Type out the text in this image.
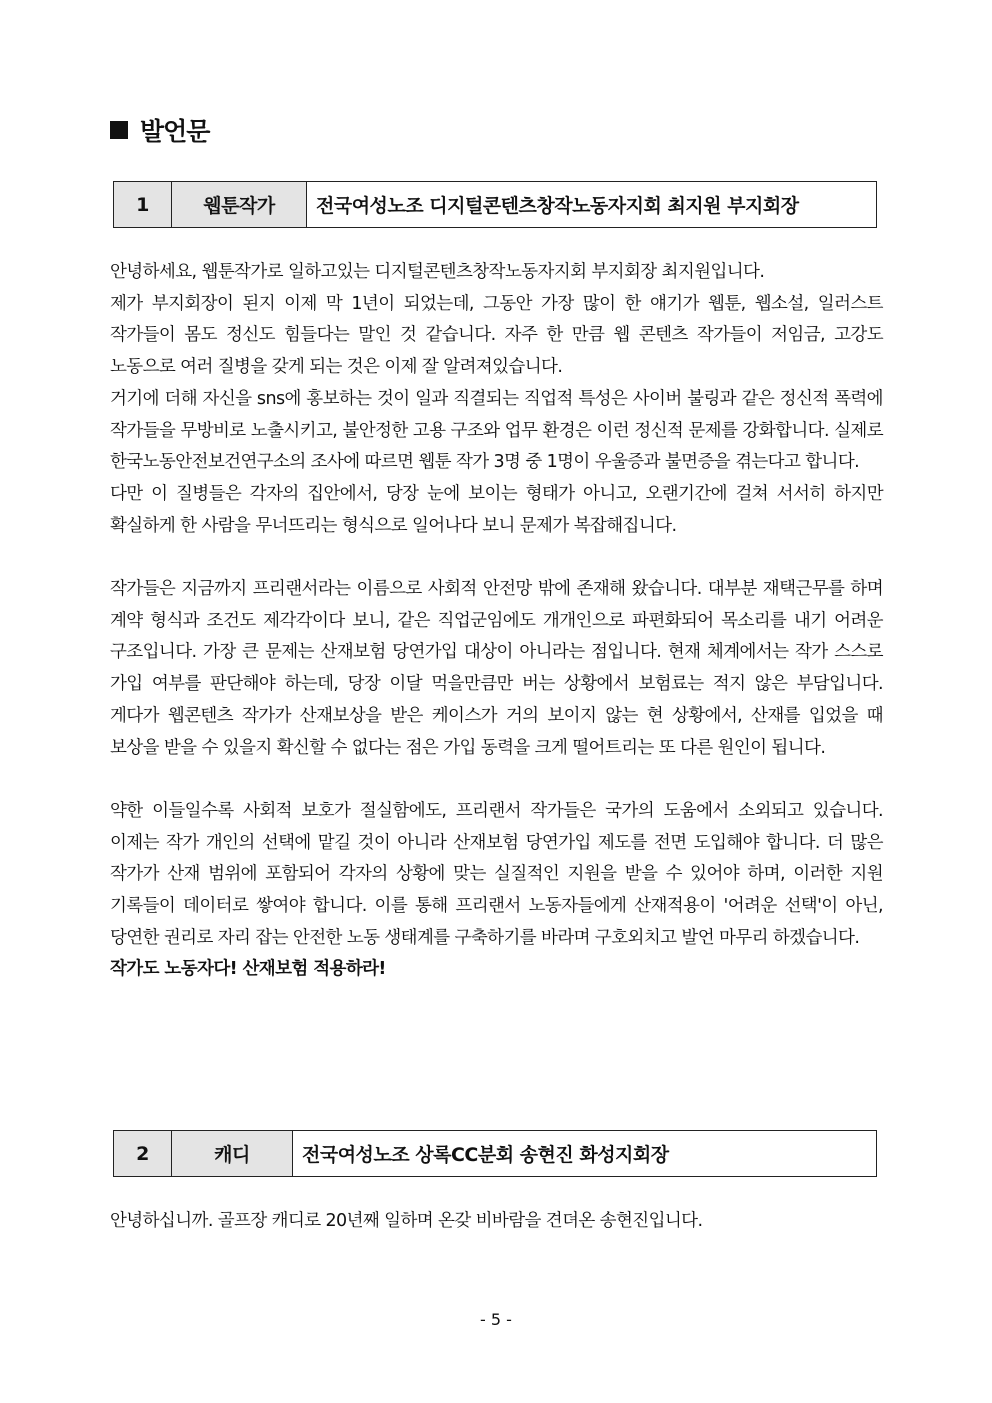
발언문
1	웹툰작가	전국여성노조 디지털콘텐츠창작노동자지회 최지원 부지회장

안녕하세요, 웹툰작가로 일하고있는 디지털콘텐츠창작노동자지회 부지회장 최지원입니다.

제가 부지회장이 된지 이제 막 1년이 되었는데, 그동안 가장 많이 한 얘기가 웹툰, 웹소설, 일러스트 작가들이 몸도 정신도 힘들다는 말인 것 같습니다. 자주 한 만큼 웹 콘텐츠 작가들이 저임금, 고강도 노동으로 여러 질병을 갖게 되는 것은 이제 잘 알려져있습니다.

거기에 더해 자신을 sns에 홍보하는 것이 일과 직결되는 직업적 특성은 사이버 불링과 같은 정신적 폭력에 작가들을 무방비로 노출시키고, 불안정한 고용 구조와 업무 환경은 이런 정신적 문제를 강화합니다. 실제로 한국노동안전보건연구소의 조사에 따르면 웹툰 작가 3명 중 1명이 우울증과 불면증을 겪는다고 합니다.

다만 이 질병들은 각자의 집안에서, 당장 눈에 보이는 형태가 아니고, 오랜기간에 걸쳐 서서히 하지만 확실하게 한 사람을 무너뜨리는 형식으로 일어나다 보니 문제가 복잡해집니다.

작가들은 지금까지 프리랜서라는 이름으로 사회적 안전망 밖에 존재해 왔습니다. 대부분 재택근무를 하며 계약 형식과 조건도 제각각이다 보니, 같은 직업군임에도 개개인으로 파편화되어 목소리를 내기 어려운 구조입니다. 가장 큰 문제는 산재보험 당연가입 대상이 아니라는 점입니다. 현재 체계에서는 작가 스스로 가입 여부를 판단해야 하는데, 당장 이달 먹을만큼만 버는 상황에서 보험료는 적지 않은 부담입니다. 게다가 웹콘텐츠 작가가 산재보상을 받은 케이스가 거의 보이지 않는 현 상황에서, 산재를 입었을 때 보상을 받을 수 있을지 확신할 수 없다는 점은 가입 동력을 크게 떨어트리는 또 다른 원인이 됩니다.

약한 이들일수록 사회적 보호가 절실함에도, 프리랜서 작가들은 국가의 도움에서 소외되고 있습니다. 이제는 작가 개인의 선택에 맡길 것이 아니라 산재보험 당연가입 제도를 전면 도입해야 합니다. 더 많은 작가가 산재 범위에 포함되어 각자의 상황에 맞는 실질적인 지원을 받을 수 있어야 하며, 이러한 지원 기록들이 데이터로 쌓여야 합니다. 이를 통해 프리랜서 노동자들에게 산재적용이 '어려운 선택'이 아닌, 당연한 권리로 자리 잡는 안전한 노동 생태계를 구축하기를 바라며 구호외치고 발언 마무리 하겠습니다.

작가도 노동자다! 산재보험 적용하라!

2	캐디	전국여성노조 상록CC분회 송현진 화성지회장

안녕하십니까. 골프장 캐디로 20년째 일하며 온갖 비바람을 견뎌온 송현진입니다.

- 5 -
